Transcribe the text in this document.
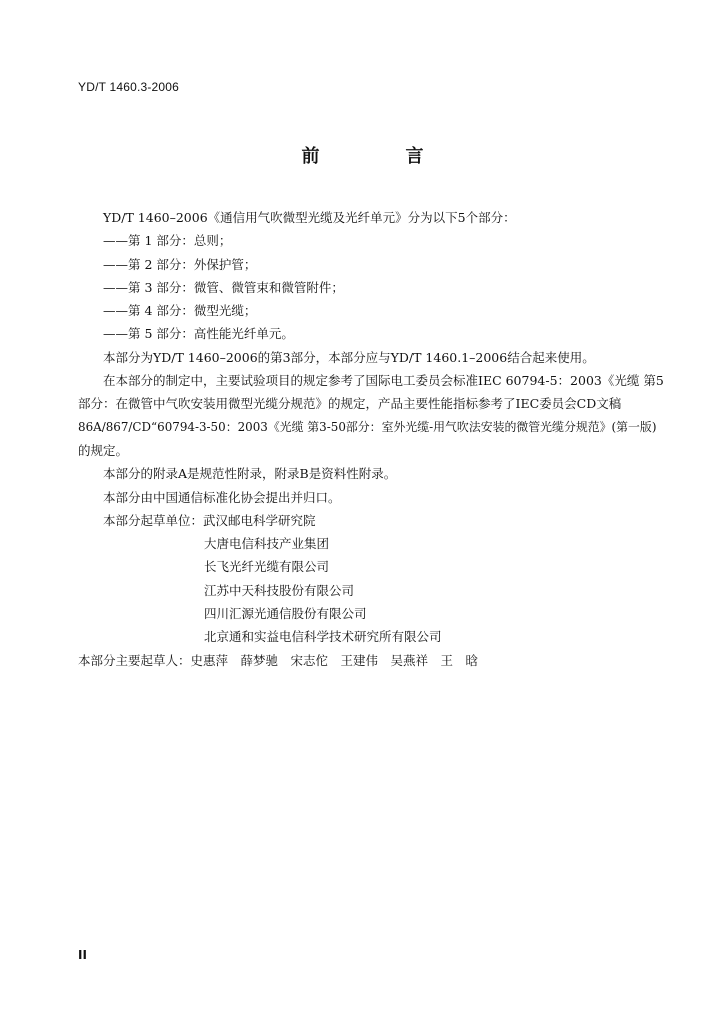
YD/T 1460.3-2006
前　言
YD/T 1460–2006《通信用气吹微型光缆及光纤单元》分为以下5个部分：
——第 1 部分：总则；
——第 2 部分：外保护管；
——第 3 部分：微管、微管束和微管附件；
——第 4 部分：微型光缆；
——第 5 部分：高性能光纤单元。
本部分为YD/T 1460–2006的第3部分，本部分应与YD/T 1460.1–2006结合起来使用。
在本部分的制定中，主要试验项目的规定参考了国际电工委员会标准IEC 60794-5：2003《光缆 第5
部分：在微管中气吹安装用微型光缆分规范》的规定，产品主要性能指标参考了IEC委员会CD文稿
86A/867/CD“60794-3-50：2003《光缆 第3-50部分：室外光缆-用气吹法安装的微管光缆分规范》(第一版)
的规定。
本部分的附录A是规范性附录，附录B是资料性附录。
本部分由中国通信标准化协会提出并归口。
本部分起草单位：武汉邮电科学研究院
大唐电信科技产业集团
长飞光纤光缆有限公司
江苏中天科技股份有限公司
四川汇源光通信股份有限公司
北京通和实益电信科学技术研究所有限公司
本部分主要起草人：史惠萍　薛梦驰　宋志佗　王建伟　吴燕祥　王　晗
II
